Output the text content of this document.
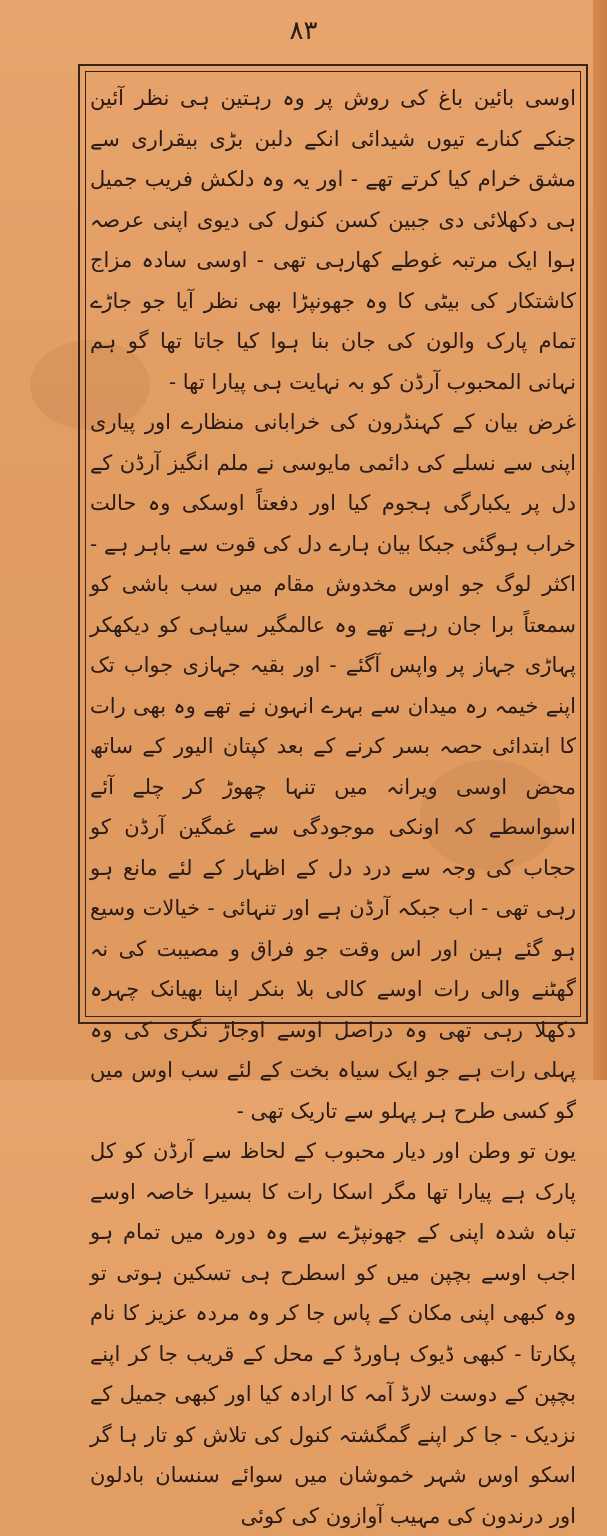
۸۳

اوسی بائین باغ کی روش پر وہ رہتین ہی نظر آئین جنکے کنارے تیوں شیدائی انکے دلبن بڑی بیقراری سے مشق خرام کیا کرتے تھے - اور یہ وہ دلکش فریب جمیل ہی دکھلائی دی جبین کسن کنول کی دیوی اپنی عرصہ ہوا ایک مرتبہ غوطے کھارہی تھی - اوسی سادہ مزاج کاشتکار کی بیٹی کا وہ جھونپڑا بھی نظر آیا جو جاڑے تمام پارک والون کی جان بنا ہوا کیا جاتا تھا گو ہم نہانی المحبوب آرڈن کو بہ نہایت ہی پیارا تھا -

غرض بیان کے کہنڈرون کی خرابانی منظارے اور پیاری اپنی سے نسلے کی دائمی مایوسی نے ملم انگیز آرڈن کے دل پر یکبارگی ہجوم کیا اور دفعتاً اوسکی وہ حالت خراب ہوگئی جبکا بیان ہارے دل کی قوت سے باہر ہے - اکثر لوگ جو اوس مخدوش مقام میں سب باشی کو سمعتاً برا جان رہے تھے وہ عالمگیر سیاہی کو دیکھکر پہاڑی جہاز پر واپس آگئے - اور بقیہ جہازی جواب تک اپنے خیمہ رہ میدان سے بہرے انہون نے تھے وہ بھی رات کا ابتدائی حصہ بسر کرنے کے بعد کپتان الیور کے ساتھ محض اوسی ویرانہ میں تنہا چھوڑ کر چلے آئے اسواسطے کہ اونکی موجودگی سے غمگین آرڈن کو حجاب کی وجہ سے درد دل کے اظہار کے لئے مانع ہو رہی تھی - اب جبکہ آرڈن ہے اور تنہائی - خیالات وسیع ہو گئے ہین اور اس وقت جو فراق و مصیبت کی نہ گھٹنے والی رات اوسے کالی بلا بنکر اپنا بھیانک چہرہ دکھلا رہی تھی وہ دراصل اوسے اوجاڑ نگری کی وہ پہلی رات ہے جو ایک سیاہ بخت کے لئے سب اوس میں گو کسی طرح ہر پہلو سے تاریک تھی -

یون تو وطن اور دیار محبوب کے لحاظ سے آرڈن کو کل پارک ہے پیارا تھا مگر اسکا رات کا بسیرا خاصہ اوسے تباہ شدہ اپنی کے جھونپڑے سے وہ دورہ میں تمام ہو اجب اوسے بچپن میں کو اسطرح ہی تسکین ہوتی تو وہ کبھی اپنی مکان کے پاس جا کر وہ مردہ عزیز کا نام پکارتا - کبھی ڈیوک ہاورڈ کے محل کے قریب جا کر اپنے بچپن کے دوست لارڈ آمہ کا ارادہ کیا اور کبھی جمیل کے نزدیک - جا کر اپنے گمگشتہ کنول کی تلاش کو تار ہا گر اسکو اوس شہر خموشان میں سوائے سنسان بادلون اور درندون کی مہیب آوازون کی کوئی
